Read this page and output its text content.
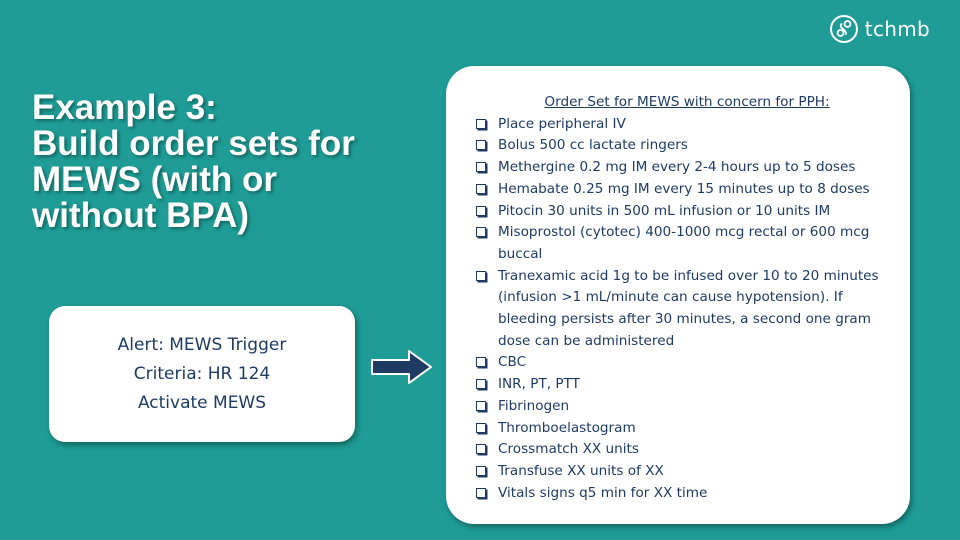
tchmb
Example 3:
Build order sets for
MEWS (with or
without BPA)
Alert: MEWS Trigger
Criteria: HR 124
Activate MEWS
Order Set for MEWS with concern for PPH:
Place peripheral IV
Bolus 500 cc lactate ringers
Methergine 0.2 mg IM every 2-4 hours up to 5 doses
Hemabate 0.25 mg IM every 15 minutes up to 8 doses
Pitocin 30 units in 500 mL infusion or 10 units IM
Misoprostol (cytotec) 400-1000 mcg rectal or 600 mcg buccal
Tranexamic acid 1g to be infused over 10 to 20 minutes (infusion >1 mL/minute can cause hypotension). If bleeding persists after 30 minutes, a second one gram dose can be administered
CBC
INR, PT, PTT
Fibrinogen
Thromboelastogram
Crossmatch XX units
Transfuse XX units of XX
Vitals signs q5 min for XX time
